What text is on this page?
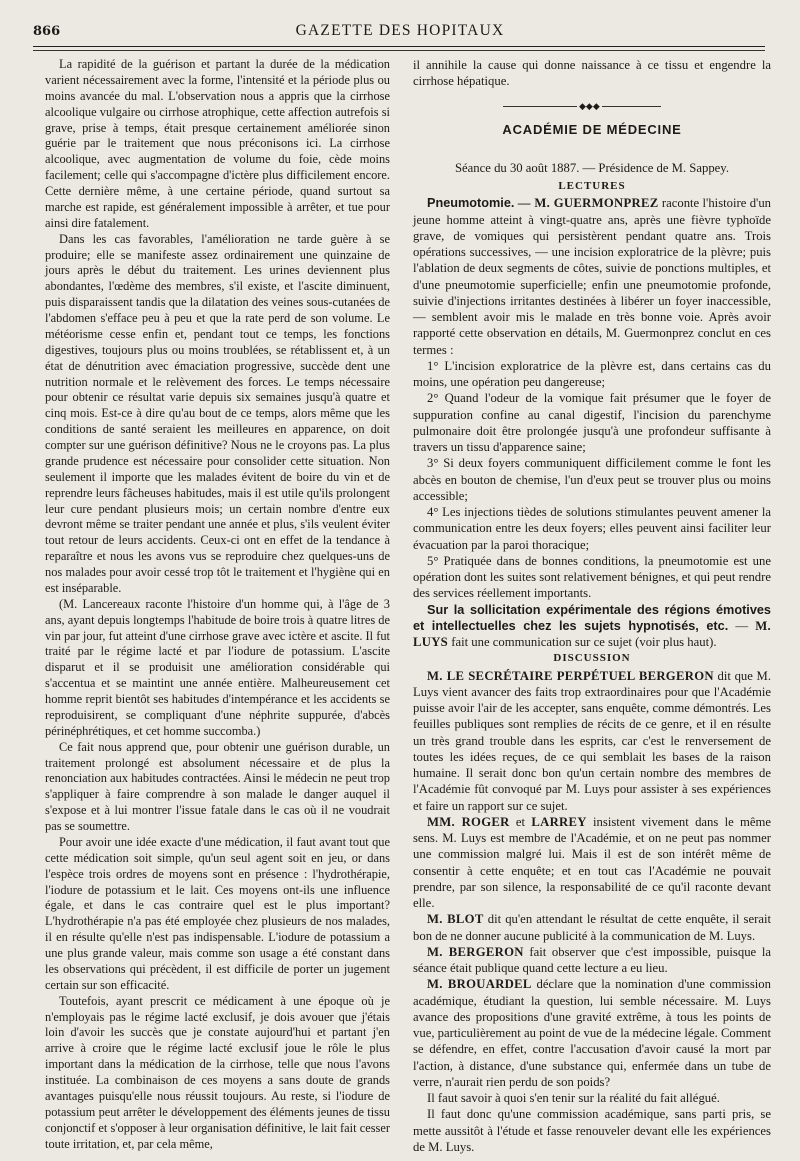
866	GAZETTE DES HOPITAUX

La rapidité de la guérison et partant la durée de la médication varient nécessairement avec la forme, l'intensité et la période plus ou moins avancée du mal. L'observation nous a appris que la cirrhose alcoolique vulgaire ou cirrhose atrophique, cette affection autrefois si grave, prise à temps, était presque certainement améliorée sinon guérie par le traitement que nous préconisons ici. La cirrhose alcoolique, avec augmentation de volume du foie, cède moins facilement; celle qui s'accompagne d'ictère plus difficilement encore. Cette dernière même, à une certaine période, quand surtout sa marche est rapide, est généralement impossible à arrêter, et tue pour ainsi dire fatalement.

Dans les cas favorables, l'amélioration ne tarde guère à se produire; elle se manifeste assez ordinairement une quinzaine de jours après le début du traitement. Les urines deviennent plus abondantes, l'œdème des membres, s'il existe, et l'ascite diminuent, puis disparaissent tandis que la dilatation des veines sous-cutanées de l'abdomen s'efface peu à peu et que la rate perd de son volume. Le météorisme cesse enfin et, pendant tout ce temps, les fonctions digestives, toujours plus ou moins troublées, se rétablissent et, à un état de dénutrition avec émaciation progressive, succède dent une nutrition normale et le relèvement des forces. Le temps nécessaire pour obtenir ce résultat varie depuis six semaines jusqu'à quatre et cinq mois. Est-ce à dire qu'au bout de ce temps, alors même que les conditions de santé seraient les meilleures en apparence, on doit compter sur une guérison définitive? Nous ne le croyons pas. La plus grande prudence est nécessaire pour consolider cette situation. Non seulement il importe que les malades évitent de boire du vin et de reprendre leurs fâcheuses habitudes, mais il est utile qu'ils prolongent leur cure pendant plusieurs mois; un certain nombre d'entre eux devront même se traiter pendant une année et plus, s'ils veulent éviter tout retour de leurs accidents. Ceux-ci ont en effet de la tendance à reparaître et nous les avons vus se reproduire chez quelques-uns de nos malades pour avoir cessé trop tôt le traitement et l'hygiène qui en est inséparable.

(M. Lancereaux raconte l'histoire d'un homme qui, à l'âge de 3 ans, ayant depuis longtemps l'habitude de boire trois à quatre litres de vin par jour, fut atteint d'une cirrhose grave avec ictère et ascite. Il fut traité par le régime lacté et par l'iodure de potassium. L'ascite disparut et il se produisit une amélioration considérable qui s'accentua et se maintint une année entière. Malheureusement cet homme reprit bientôt ses habitudes d'intempérance et les accidents se reproduisirent, se compliquant d'une néphrite suppurée, d'abcès périnéphrétiques, et cet homme succomba.)

Ce fait nous apprend que, pour obtenir une guérison durable, un traitement prolongé est absolument nécessaire et de plus la renonciation aux habitudes contractées. Ainsi le médecin ne peut trop s'appliquer à faire comprendre à son malade le danger auquel il s'expose et à lui montrer l'issue fatale dans le cas où il ne voudrait pas se soumettre.

Pour avoir une idée exacte d'une médication, il faut avant tout que cette médication soit simple, qu'un seul agent soit en jeu, or dans l'espèce trois ordres de moyens sont en présence : l'hydrothérapie, l'iodure de potassium et le lait. Ces moyens ont-ils une influence égale, et dans le cas contraire quel est le plus important? L'hydrothérapie n'a pas été employée chez plusieurs de nos malades, il en résulte qu'elle n'est pas indispensable. L'iodure de potassium a une plus grande valeur, mais comme son usage a été constant dans les observations qui précèdent, il est difficile de porter un jugement certain sur son efficacité.

Toutefois, ayant prescrit ce médicament à une époque où je n'employais pas le régime lacté exclusif, je dois avouer que j'étais loin d'avoir les succès que je constate aujourd'hui et partant j'en arrive à croire que le régime lacté exclusif joue le rôle le plus important dans la médication de la cirrhose, telle que nous l'avons instituée. La combinaison de ces moyens a sans doute de grands avantages puisqu'elle nous réussit toujours. Au reste, si l'iodure de potassium peut arrêter le développement des éléments jeunes de tissu conjonctif et s'opposer à leur organisation définitive, le lait fait cesser toute irritation, et, par cela même,

il annihile la cause qui donne naissance à ce tissu et engendre la cirrhose hépatique.

◆◆◆
ACADÉMIE DE MÉDECINE
Séance du 30 août 1887. — Présidence de M. Sappey.
LECTURES

Pneumotomie. — M. GUERMONPREZ raconte l'histoire d'un jeune homme atteint à vingt-quatre ans, après une fièvre typhoïde grave, de vomiques qui persistèrent pendant quatre ans. Trois opérations successives, — une incision exploratrice de la plèvre; puis l'ablation de deux segments de côtes, suivie de ponctions multiples, et d'une pneumotomie superficielle; enfin une pneumotomie profonde, suivie d'injections irritantes destinées à libérer un foyer inaccessible, — semblent avoir mis le malade en très bonne voie. Après avoir rapporté cette observation en détails, M. Guermonprez conclut en ces termes :

1° L'incision exploratrice de la plèvre est, dans certains cas du moins, une opération peu dangereuse;

2° Quand l'odeur de la vomique fait présumer que le foyer de suppuration confine au canal digestif, l'incision du parenchyme pulmonaire doit être prolongée jusqu'à une profondeur suffisante à travers un tissu d'apparence saine;

3° Si deux foyers communiquent difficilement comme le font les abcès en bouton de chemise, l'un d'eux peut se trouver plus ou moins accessible;

4° Les injections tièdes de solutions stimulantes peuvent amener la communication entre les deux foyers; elles peuvent ainsi faciliter leur évacuation par la paroi thoracique;

5° Pratiquée dans de bonnes conditions, la pneumotomie est une opération dont les suites sont relativement bénignes, et qui peut rendre des services réellement importants.

Sur la sollicitation expérimentale des régions émotives et intellectuelles chez les sujets hypnotisés, etc. — M. LUYS fait une communication sur ce sujet (voir plus haut).

DISCUSSION

M. LE SECRÉTAIRE PERPÉTUEL BERGERON dit que M. Luys vient avancer des faits trop extraordinaires pour que l'Académie puisse avoir l'air de les accepter, sans enquête, comme démontrés. Les feuilles publiques sont remplies de récits de ce genre, et il en résulte un très grand trouble dans les esprits, car c'est le renversement de toutes les idées reçues, de ce qui semblait les bases de la raison humaine. Il serait donc bon qu'un certain nombre des membres de l'Académie fût convoqué par M. Luys pour assister à ses expériences et faire un rapport sur ce sujet.

MM. ROGER et LARREY insistent vivement dans le même sens. M. Luys est membre de l'Académie, et on ne peut pas nommer une commission malgré lui. Mais il est de son intérêt même de consentir à cette enquête; et en tout cas l'Académie ne pouvait prendre, par son silence, la responsabilité de ce qu'il raconte devant elle.

M. BLOT dit qu'en attendant le résultat de cette enquête, il serait bon de ne donner aucune publicité à la communication de M. Luys.

M. BERGERON fait observer que c'est impossible, puisque la séance était publique quand cette lecture a eu lieu.

M. BROUARDEL déclare que la nomination d'une commission académique, étudiant la question, lui semble nécessaire. M. Luys avance des propositions d'une gravité extrême, à tous les points de vue, particulièrement au point de vue de la médecine légale. Comment se défendre, en effet, contre l'accusation d'avoir causé la mort par l'action, à distance, d'une substance qui, enfermée dans un tube de verre, n'aurait rien perdu de son poids?

Il faut savoir à quoi s'en tenir sur la réalité du fait allégué.

Il faut donc qu'une commission académique, sans parti pris, se mette aussitôt à l'étude et fasse renouveler devant elle les expériences de M. Luys.
